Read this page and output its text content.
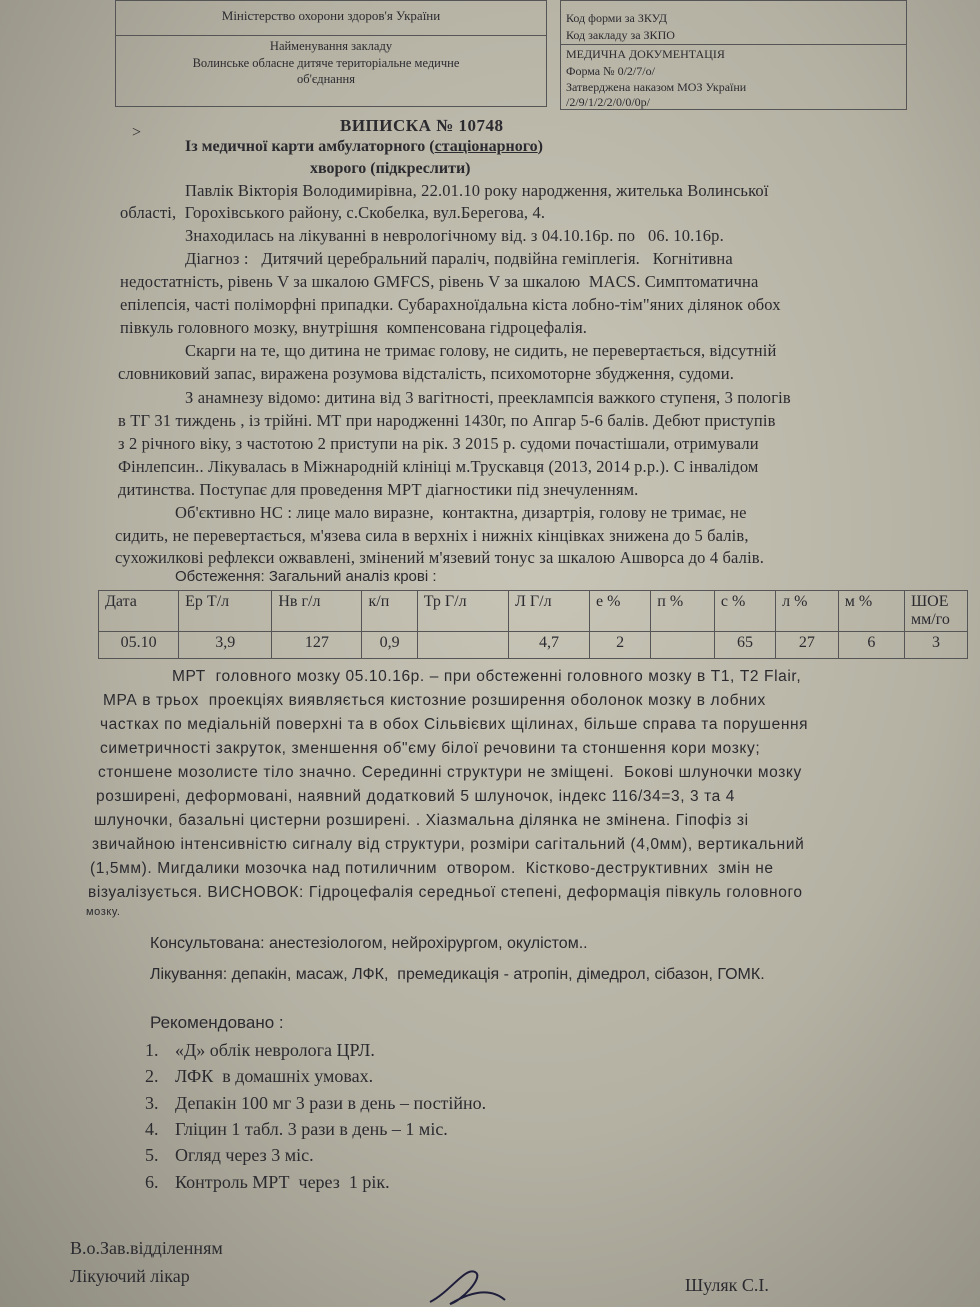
Міністерство охорони здоров'я України
Найменування закладу
Волинське обласне дитяче територіальне медичне
об'єднання
Код форми за ЗКУД
Код закладу за ЗКПО
МЕДИЧНА ДОКУМЕНТАЦІЯ
Форма № 0/2/7/о/
Затверджена наказом МОЗ України
/2/9/1/2/2/0/0/0р/
˃	ВИПИСКА № 10748
Із медичної карти амбулаторного (стаціонарного)
хворого (підкреслити)
Павлік Вікторія Володимирівна, 22.01.10 року народження, жителька Волинської
області,  Горохівського району, с.Скобелка, вул.Берегова, 4.
Знаходилась на лікуванні в неврологічному від. з 04.10.16р. по   06. 10.16р.
Діагноз :   Дитячий церебральний параліч, подвійна геміплегія.   Когнітивна
недостатність, рівень V за шкалою GMFCS, рівень V за шкалою  MACS. Симптоматична
епілепсія, часті поліморфні припадки. Субарахноїдальна кіста лобно-тім"яних ділянок обох
півкуль головного мозку, внутрішня  компенсована гідроцефалія.
Скарги на те, що дитина не тримає голову, не сидить, не перевертається, відсутній
словниковий запас, виражена розумова відсталість, психомоторне збудження, судоми.
З анамнезу відомо: дитина від 3 вагітності, прееклампсія важкого ступеня, 3 пологів
в ТГ 31 тиждень , із трійні. МТ при народженні 1430г, по Апгар 5-6 балів. Дебют приступів
з 2 річного віку, з частотою 2 приступи на рік. З 2015 р. судоми почастішали, отримували
Фінлепсин.. Лікувалась в Міжнародній клініці м.Трускавця (2013, 2014 р.р.). С інвалідом
дитинства. Поступає для проведення МРТ діагностики під знечуленням.
Об'єктивно НС : лице мало виразне,  контактна, дизартрія, голову не тримає, не
сидить, не перевертається, м'язева сила в верхніх і нижніх кінцівках знижена до 5 балів,
сухожилкові рефлекси ожвавлені, змінений м'язевий тонус за шкалою Ашворса до 4 балів.
Обстеження: Загальний аналіз крові :
Дата	Ер Т/л	Нв г/л	к/п	Тр Г/л	Л Г/л	е %	п %	с %	л %	м %	ШОЕ мм/го
05.10	3,9	127	0,9		4,7	2		65	27	6	3
МРТ  головного мозку 05.10.16р. – при обстеженні головного мозку в Т1, Т2 Flair,
МРА в трьох  проекціях виявляється кистозние розширення оболонок мозку в лобних
частках по медіальній поверхні та в обох Сільвієвих щілинах, більше справа та порушення
симетричності закруток, зменшення об"єму білої речовини та стоншення кори мозку;
стоншене мозолисте тіло значно. Серединні структури не зміщені.  Бокові шлуночки мозку
розширені, деформовані, наявний додатковий 5 шлуночок, індекс 116/34=3, 3 та 4
шлуночки, базальні цистерни розширені. . Хіазмальна ділянка не змінена. Гіпофіз зі
звичайною інтенсивністю сигналу від структури, розміри сагітальний (4,0мм), вертикальний
(1,5мм). Мигдалики мозочка над потиличним  отвором.  Кістково-деструктивних  змін не
візуалізується. ВИСНОВОК: Гідроцефалія середньої степені, деформація півкуль головного
мозку.
Консультована: анестезіологом, нейрохірургом, окулістом..
Лікування: депакін, масаж, ЛФК,  премедикація - атропін, дімедрол, сібазон, ГОМК.
Рекомендовано :
1. «Д» облік невролога ЦРЛ.
2. ЛФК  в домашніх умовах.
3. Депакін 100 мг 3 рази в день – постійно.
4. Гліцин 1 табл. 3 рази в день – 1 міс.
5. Огляд через 3 міс.
6. Контроль МРТ  через  1 рік.
В.о.Зав.відділенням
Лікуючий лікар	Шуляк С.І.
